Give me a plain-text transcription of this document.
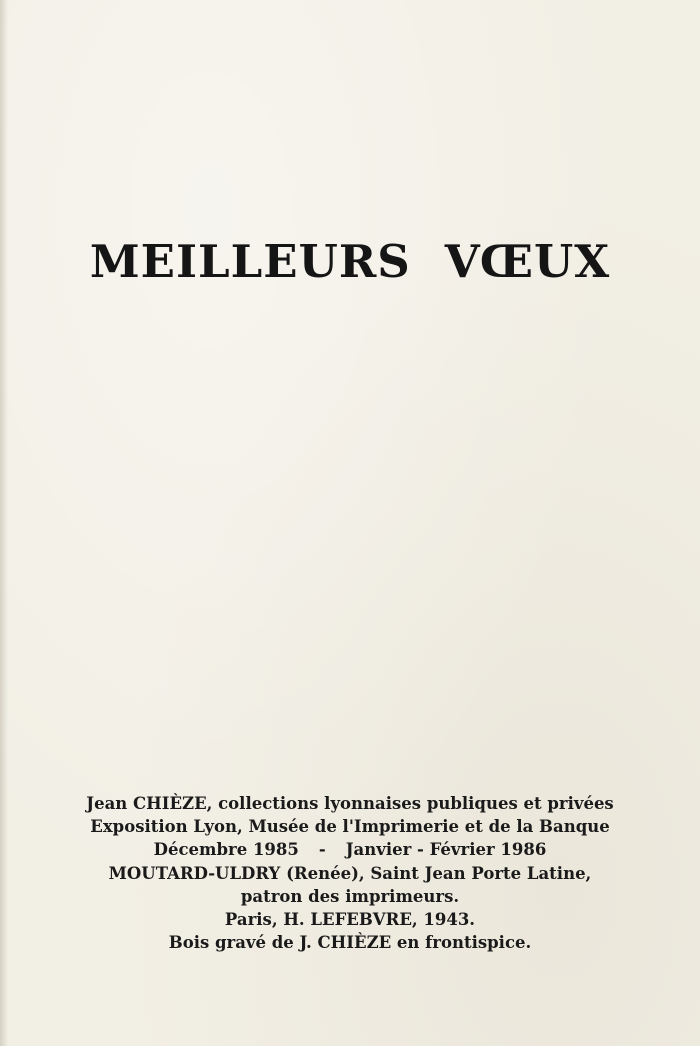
MEILLEURS VŒUX
Jean CHIÈZE, collections lyonnaises publiques et privées
Exposition Lyon, Musée de l'Imprimerie et de la Banque
Décembre 1985 - Janvier - Février 1986
MOUTARD-ULDRY (Renée), Saint Jean Porte Latine,
patron des imprimeurs.
Paris, H. LEFEBVRE, 1943.
Bois gravé de J. CHIÈZE en frontispice.
